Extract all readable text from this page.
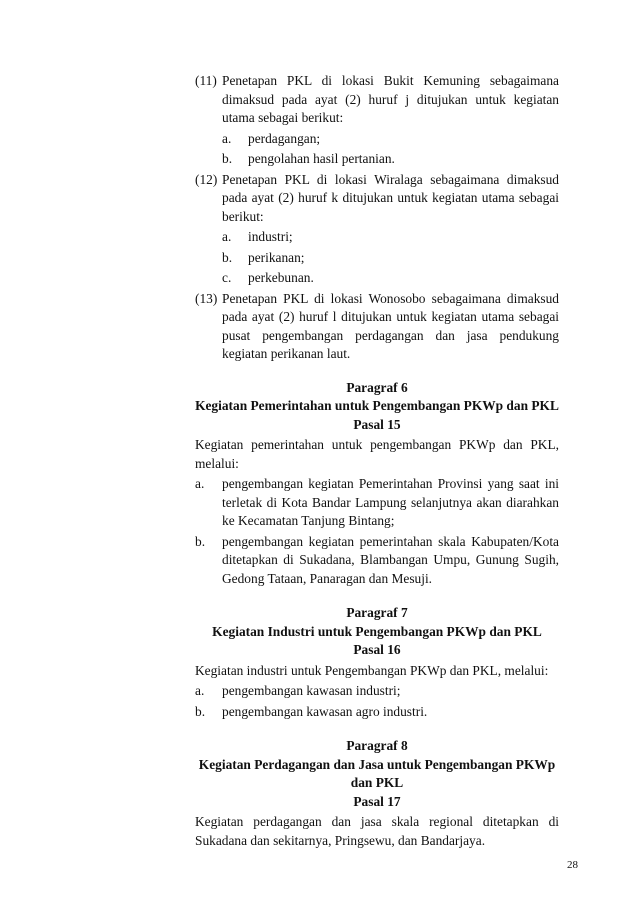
(11) Penetapan PKL di lokasi Bukit Kemuning sebagaimana dimaksud pada ayat (2) huruf j ditujukan untuk kegiatan utama sebagai berikut:
a. perdagangan;
b. pengolahan hasil pertanian.
(12) Penetapan PKL di lokasi Wiralaga sebagaimana dimaksud pada ayat (2) huruf k ditujukan untuk kegiatan utama sebagai berikut:
a. industri;
b. perikanan;
c. perkebunan.
(13) Penetapan PKL di lokasi Wonosobo sebagaimana dimaksud pada ayat (2) huruf l ditujukan untuk kegiatan utama sebagai pusat pengembangan perdagangan dan jasa pendukung kegiatan perikanan laut.
Paragraf 6
Kegiatan Pemerintahan untuk Pengembangan PKWp dan PKL
Pasal 15
Kegiatan pemerintahan untuk pengembangan PKWp dan PKL, melalui:
a. pengembangan kegiatan Pemerintahan Provinsi yang saat ini terletak di Kota Bandar Lampung selanjutnya akan diarahkan ke Kecamatan Tanjung Bintang;
b. pengembangan kegiatan pemerintahan skala Kabupaten/Kota ditetapkan di Sukadana, Blambangan Umpu, Gunung Sugih, Gedong Tataan, Panaragan dan Mesuji.
Paragraf 7
Kegiatan Industri untuk Pengembangan PKWp dan PKL
Pasal 16
Kegiatan industri untuk Pengembangan PKWp dan PKL, melalui:
a. pengembangan kawasan industri;
b. pengembangan kawasan agro industri.
Paragraf 8
Kegiatan Perdagangan dan Jasa untuk Pengembangan PKWp
dan PKL
Pasal 17
Kegiatan perdagangan dan jasa skala regional ditetapkan di Sukadana dan sekitarnya, Pringsewu, dan Bandarjaya.
28
